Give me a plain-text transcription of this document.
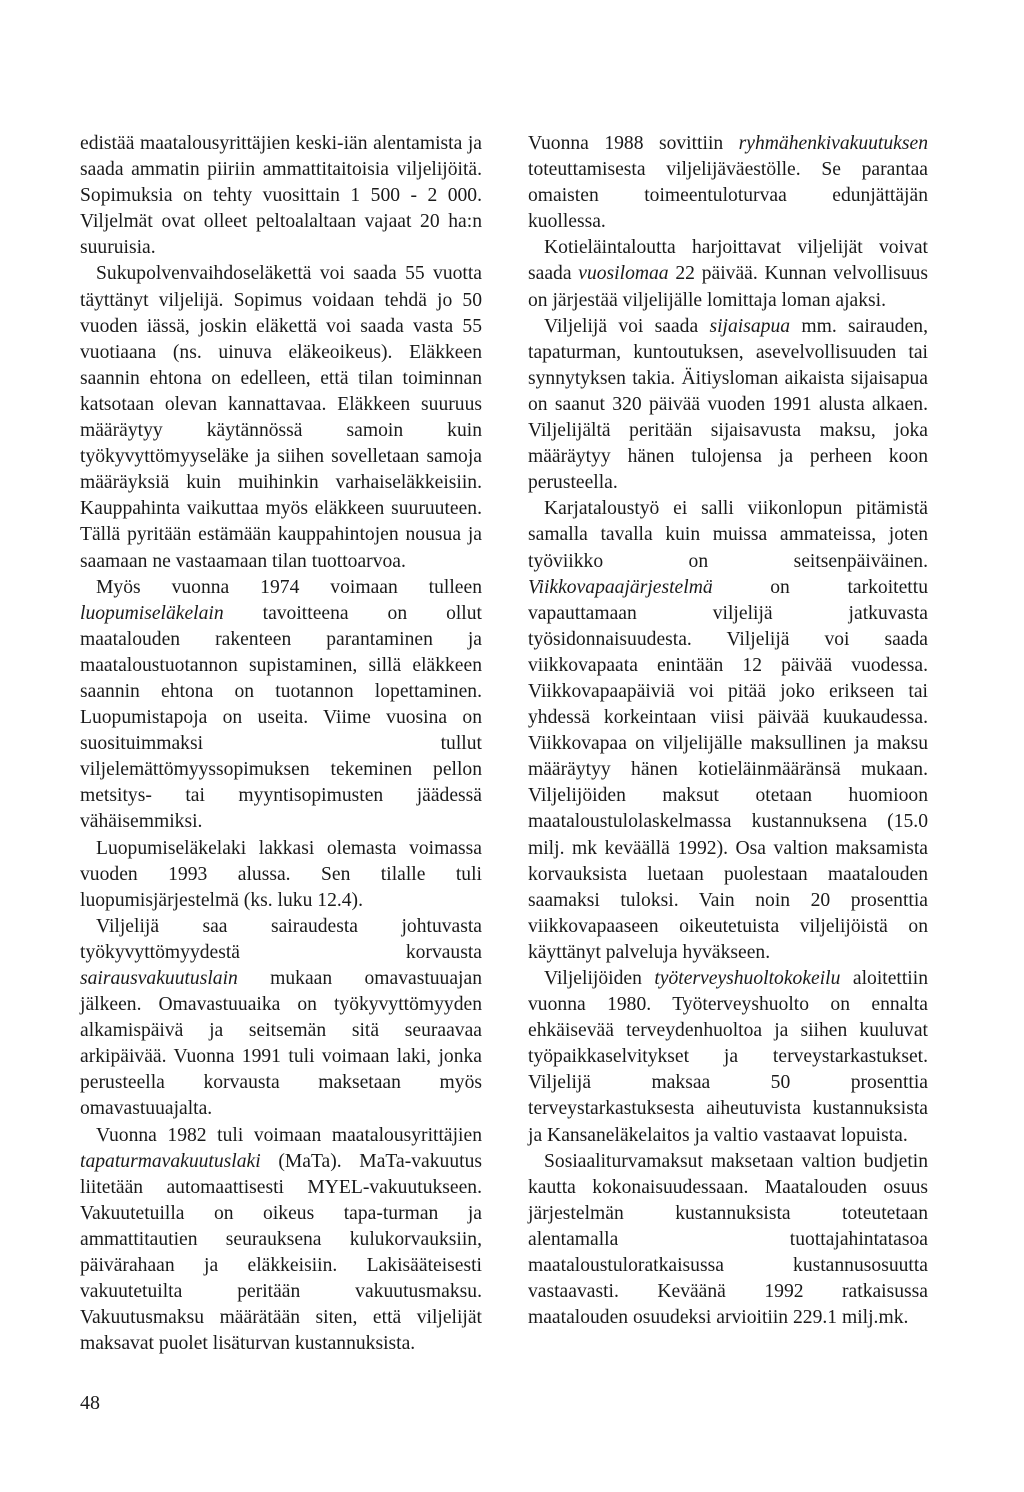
edistää maatalousyrittäjien keski-iän alentamista ja saada ammatin piiriin ammattitaitoisia viljelijöitä. Sopimuksia on tehty vuosittain 1 500 - 2 000. Viljelmät ovat olleet peltoalaltaan vajaat 20 ha:n suuruisia.

Sukupolvenvaihdoseläkettä voi saada 55 vuotta täyttänyt viljelijä. Sopimus voidaan tehdä jo 50 vuoden iässä, joskin eläkettä voi saada vasta 55 vuotiaana (ns. uinuva eläkeoikeus). Eläkkeen saannin ehtona on edelleen, että tilan toiminnan katsotaan olevan kannattavaa. Eläkkeen suuruus määräytyy käytännössä samoin kuin työkyvyttömyyseläke ja siihen sovelletaan samoja määräyksiä kuin muihinkin varhaiseläkkeisiin. Kauppahinta vaikuttaa myös eläkkeen suuruuteen. Tällä pyritään estämään kauppahintojen nousua ja saamaan ne vastaamaan tilan tuottoarvoa.

Myös vuonna 1974 voimaan tulleen luopumiseläkelain tavoitteena on ollut maatalouden rakenteen parantaminen ja maataloustuotannon supistaminen, sillä eläkkeen saannin ehtona on tuotannon lopettaminen. Luopumistapoja on useita. Viime vuosina on suosituimmaksi tullut viljelemättömyyssopimuksen tekeminen pellon metsitys- tai myyntisopimusten jäädessä vähäisemmiksi.

Luopumiseläkelaki lakkasi olemasta voimassa vuoden 1993 alussa. Sen tilalle tuli luopumisjärjestelmä (ks. luku 12.4).

Viljelijä saa sairaudesta johtuvasta työkyvyttömyydestä korvausta sairausvakuutuslain mukaan omavastuuajan jälkeen. Omavastuuaika on työkyvyttömyyden alkamispäivä ja seitsemän sitä seuraavaa arkipäivää. Vuonna 1991 tuli voimaan laki, jonka perusteella korvausta maksetaan myös omavastuuajalta.

Vuonna 1982 tuli voimaan maatalousyrittäjien tapaturmavakuutuslaki (MaTa). MaTa-vakuutus liitetään automaattisesti MYEL-vakuutukseen. Vakuutetuilla on oikeus tapa-turman ja ammattitautien seurauksena kulukorvauksiin, päivärahaan ja eläkkeisiin. Lakisääteisesti vakuutetuilta peritään vakuutusmaksu. Vakuutusmaksu määrätään siten, että viljelijät maksavat puolet lisäturvan kustannuksista.

Vuonna 1988 sovittiin ryhmähenkivakuutuksen toteuttamisesta viljelijäväestölle. Se parantaa omaisten toimeentuloturvaa edunjättäjän kuollessa.

Kotieläintaloutta harjoittavat viljelijät voivat saada vuosilomaa 22 päivää. Kunnan velvollisuus on järjestää viljelijälle lomittaja loman ajaksi.

Viljelijä voi saada sijaisapua mm. sairauden, tapaturman, kuntoutuksen, asevelvollisuuden tai synnytyksen takia. Äitiysloman aikaista sijaisapua on saanut 320 päivää vuoden 1991 alusta alkaen. Viljelijältä peritään sijaisavusta maksu, joka määräytyy hänen tulojensa ja perheen koon perusteella.

Karjataloustyö ei salli viikonlopun pitämistä samalla tavalla kuin muissa ammateissa, joten työviikko on seitsenpäiväinen. Viikkovapaajärjestelmä on tarkoitettu vapauttamaan viljelijä jatkuvasta työsidonnaisuudesta. Viljelijä voi saada viikkovapaata enintään 12 päivää vuodessa. Viikkovapaapäiviä voi pitää joko erikseen tai yhdessä korkeintaan viisi päivää kuukaudessa. Viikkovapaa on viljelijälle maksullinen ja maksu määräytyy hänen kotieläinmääränsä mukaan. Viljelijöiden maksut otetaan huomioon maataloustulolaskelmassa kustannuksena (15.0 milj. mk keväällä 1992). Osa valtion maksamista korvauksista luetaan puolestaan maatalouden saamaksi tuloksi. Vain noin 20 prosenttia viikkovapaaseen oikeutetuista viljelijöistä on käyttänyt palveluja hyväkseen.

Viljelijöiden työterveyshuoltokokeilu aloitettiin vuonna 1980. Työterveyshuolto on ennalta ehkäisevää terveydenhuoltoa ja siihen kuuluvat työpaikkaselvitykset ja terveystarkastukset. Viljelijä maksaa 50 prosenttia terveystarkastuksesta aiheutuvista kustannuksista ja Kansaneläkelaitos ja valtio vastaavat lopuista.

Sosiaaliturvamaksut maksetaan valtion budjetin kautta kokonaisuudessaan. Maatalouden osuus järjestelmän kustannuksista toteutetaan alentamalla tuottajahintatasoa maataloustuloratkaisussa kustannusosuutta vastaavasti. Keväänä 1992 ratkaisussa maatalouden osuudeksi arvioitiin 229.1 milj.mk.

48
